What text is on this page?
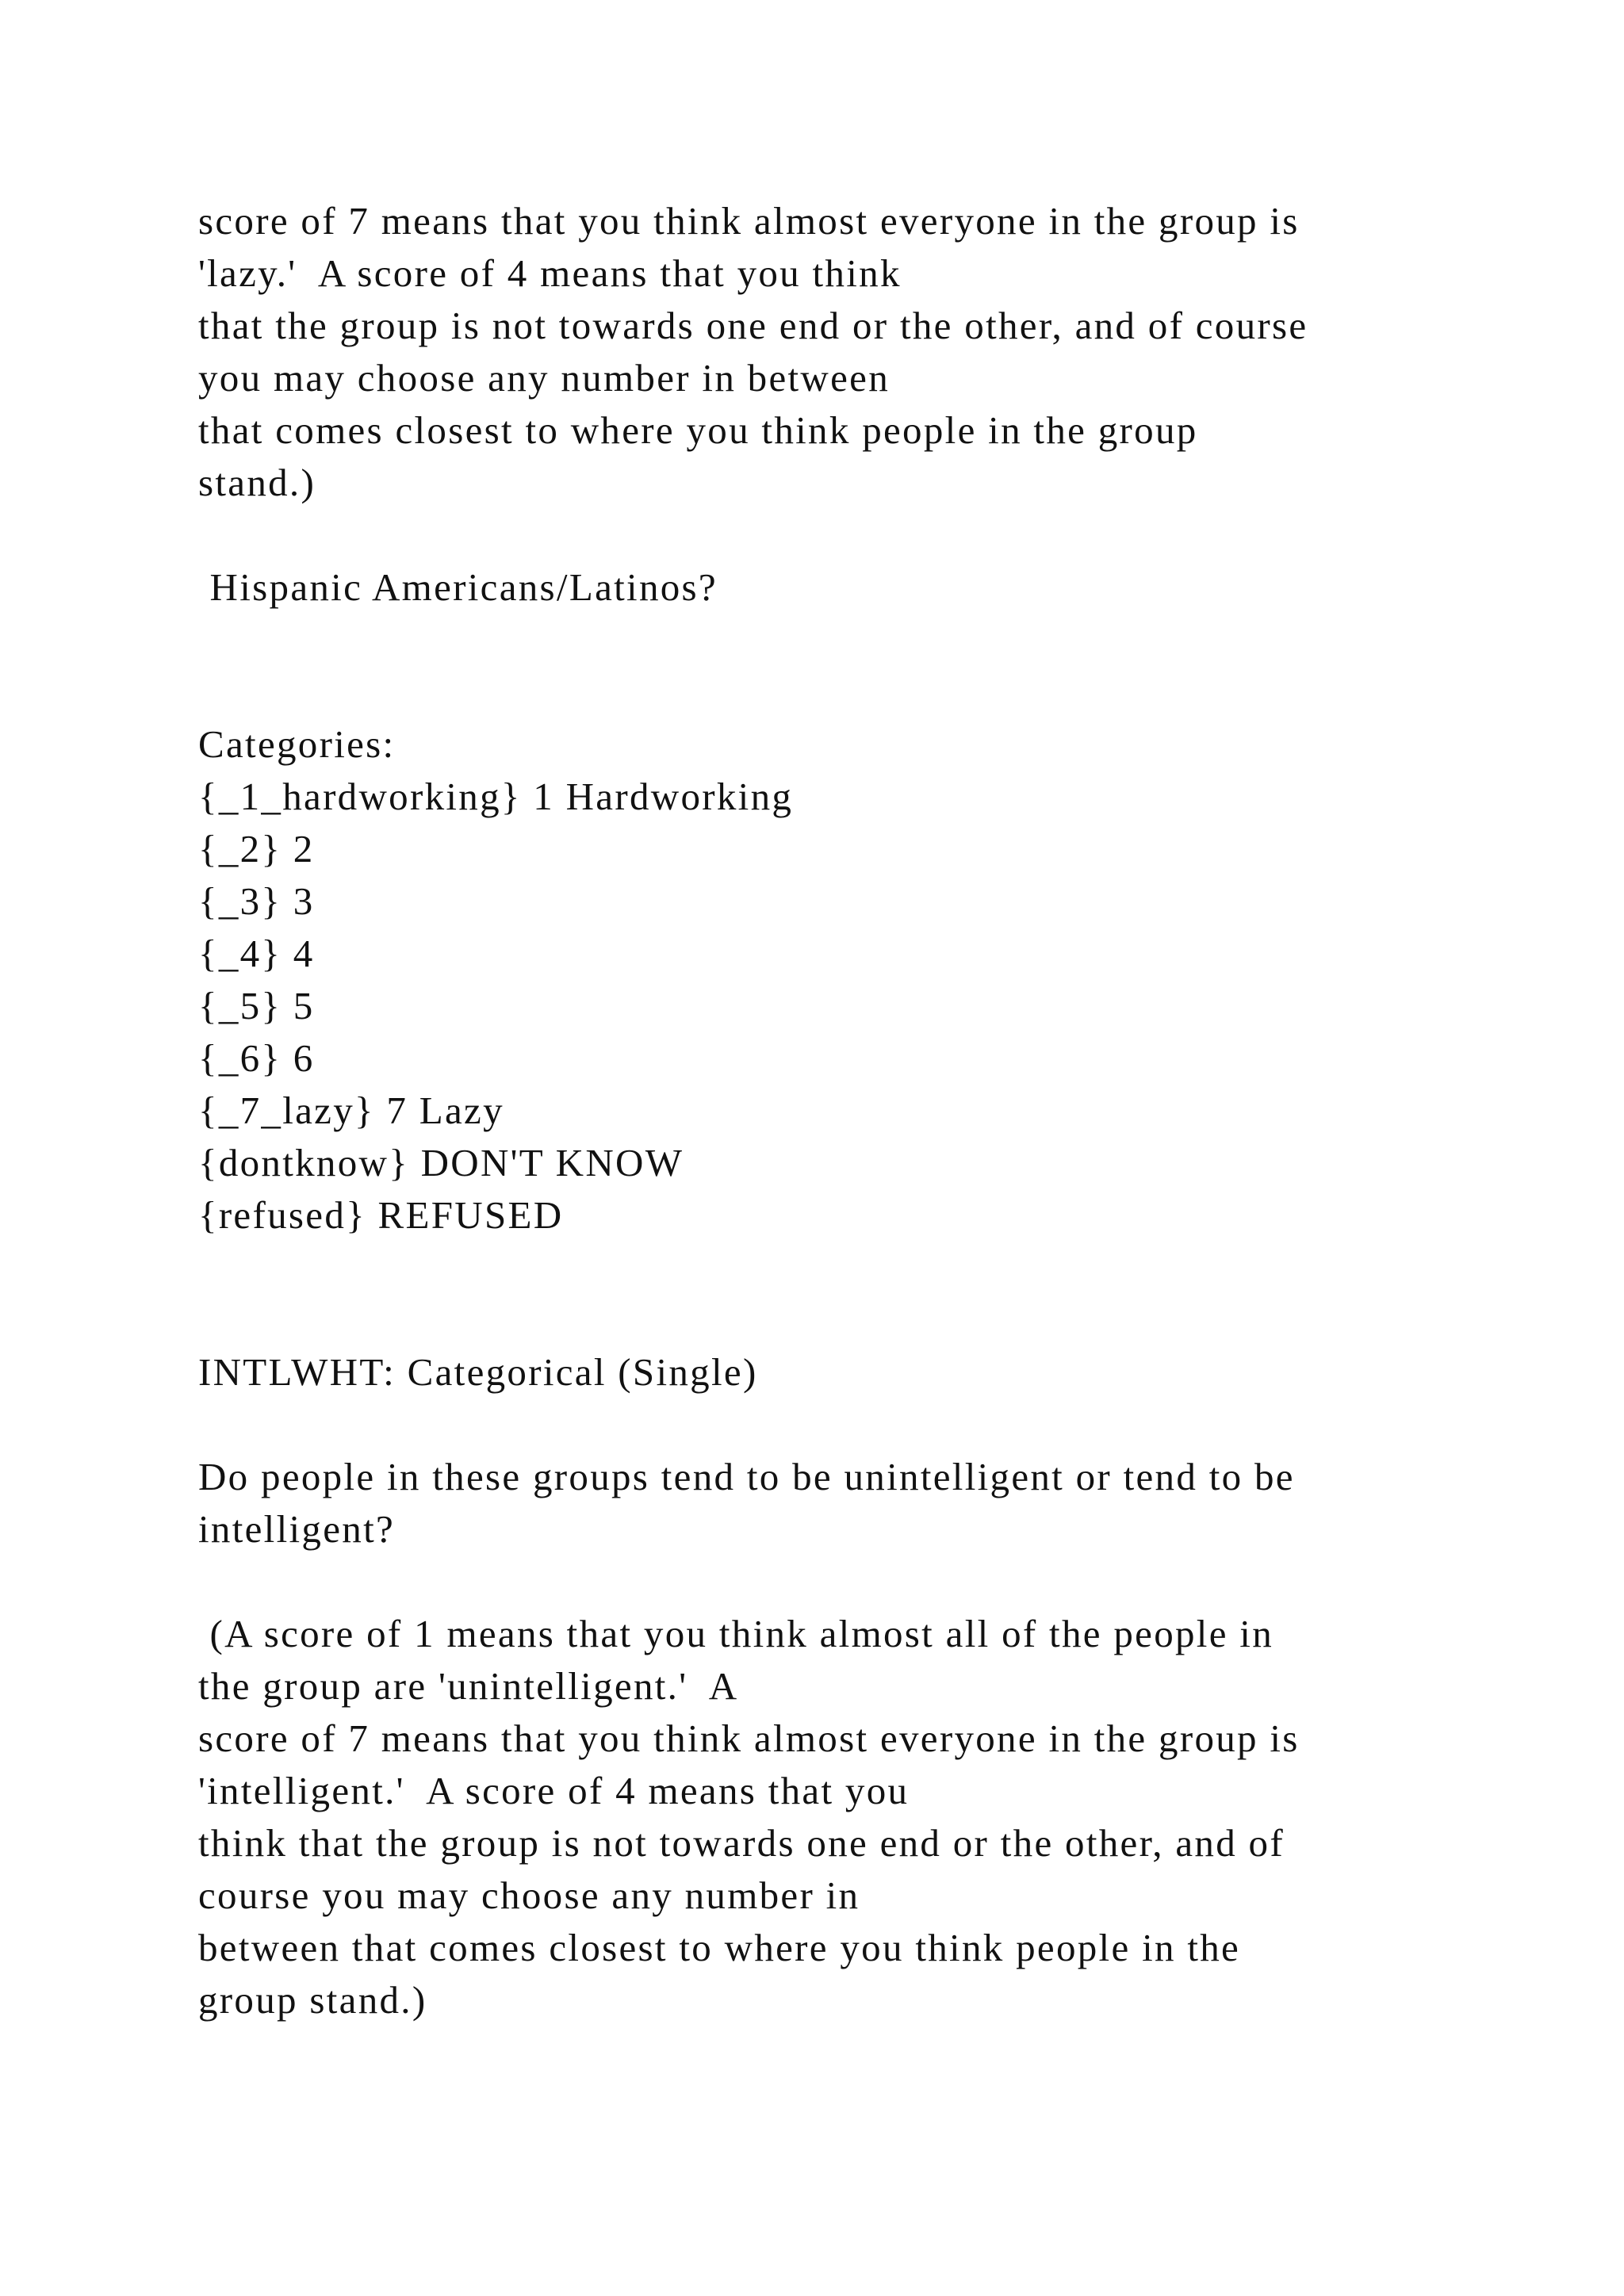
score of 7 means that you think almost everyone in the group is
'lazy.'  A score of 4 means that you think
that the group is not towards one end or the other, and of course
you may choose any number in between
that comes closest to where you think people in the group
stand.)
Hispanic Americans/Latinos?
Categories:
{_1_hardworking} 1 Hardworking
{_2} 2
{_3} 3
{_4} 4
{_5} 5
{_6} 6
{_7_lazy} 7 Lazy
{dontknow} DON'T KNOW
{refused} REFUSED
INTLWHT: Categorical (Single)
Do people in these groups tend to be unintelligent or tend to be
intelligent?
(A score of 1 means that you think almost all of the people in
the group are 'unintelligent.'  A
score of 7 means that you think almost everyone in the group is
'intelligent.'  A score of 4 means that you
think that the group is not towards one end or the other, and of
course you may choose any number in
between that comes closest to where you think people in the
group stand.)
